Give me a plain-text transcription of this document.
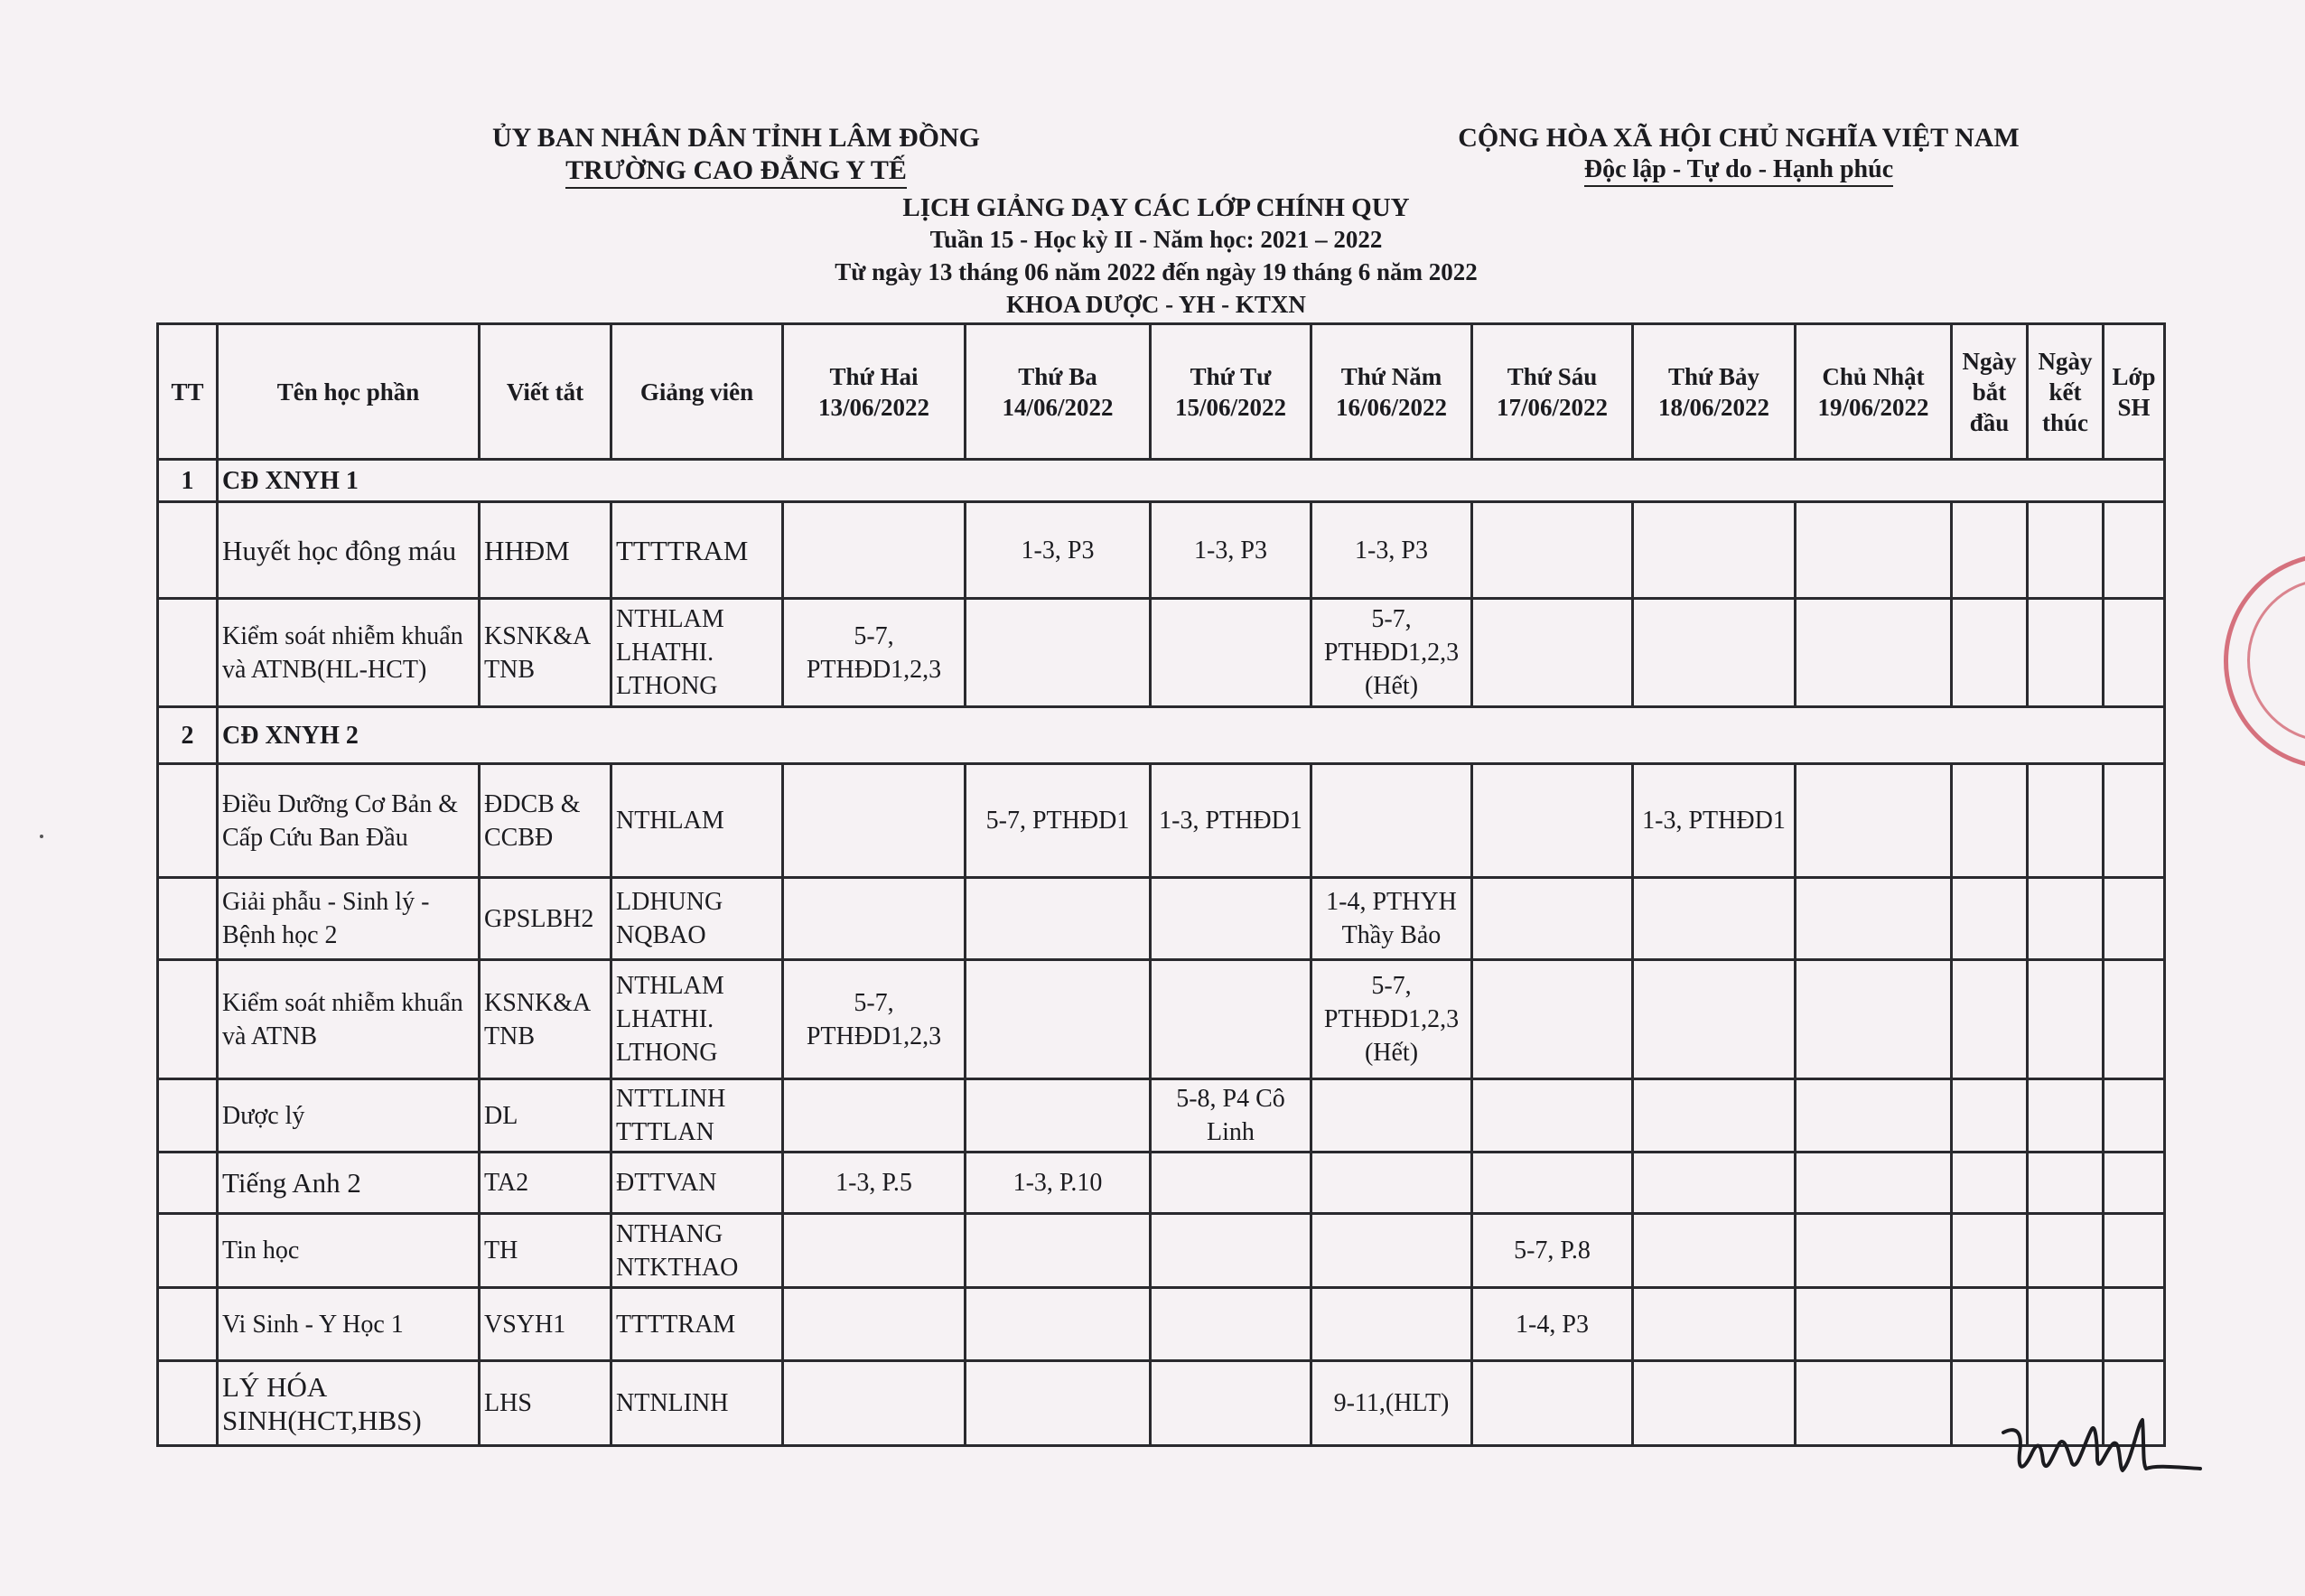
ỦY BAN NHÂN DÂN TỈNH LÂM ĐỒNG
TRƯỜNG CAO ĐẲNG Y TẾ
CỘNG HÒA XÃ HỘI CHỦ NGHĨA VIỆT NAM
Độc lập - Tự do - Hạnh phúc
LỊCH GIẢNG DẠY CÁC LỚP CHÍNH QUY
Tuần 15 - Học kỳ II - Năm học: 2021 – 2022
Từ ngày 13 tháng 06 năm 2022 đến ngày 19 tháng 6 năm 2022
KHOA DƯỢC - YH - KTXN
TT	Tên học phần	Viết tắt	Giảng viên	Thứ Hai 13/06/2022	Thứ Ba 14/06/2022	Thứ Tư 15/06/2022	Thứ Năm 16/06/2022	Thứ Sáu 17/06/2022	Thứ Bảy 18/06/2022	Chủ Nhật 19/06/2022	Ngày bắt đầu	Ngày kết thúc	Lớp SH
1	CĐ XNYH 1												
	Huyết học đông máu	HHĐM	TTTTRAM		1-3, P3	1-3, P3	1-3, P3						
	Kiểm soát nhiễm khuẩn và ATNB(HL-HCT)	KSNK&A TNB	NTHLAM LHATHI. LTHONG	5-7, PTHĐD1,2,3			5-7, PTHĐD1,2,3 (Hết)						
2	CĐ XNYH 2												
	Điều Dưỡng Cơ Bản & Cấp Cứu Ban Đầu	ĐDCB & CCBĐ	NTHLAM		5-7, PTHĐD1	1-3, PTHĐD1			1-3, PTHĐD1				
	Giải phẫu - Sinh lý - Bệnh học 2	GPSLBH2	LDHUNG NQBAO				1-4, PTHYH Thầy Bảo						
	Kiểm soát nhiễm khuẩn và ATNB	KSNK&A TNB	NTHLAM LHATHI. LTHONG	5-7, PTHĐD1,2,3			5-7, PTHĐD1,2,3 (Hết)						
	Dược lý	DL	NTTLINH TTTLAN			5-8, P4 Cô Linh							
	Tiếng Anh 2	TA2	ĐTTVAN	1-3, P.5	1-3, P.10								
	Tin học	TH	NTHANG NTKTHAO					5-7, P.8					
	Vi Sinh - Y Học 1	VSYH1	TTTTRAM					1-4, P3					
	LÝ HÓA SINH(HCT,HBS)	LHS	NTNLINH				9-11,(HLT)						
